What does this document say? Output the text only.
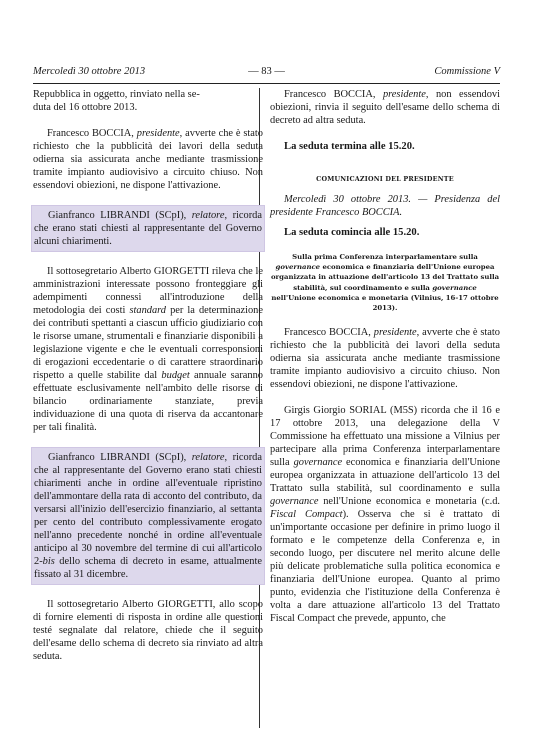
Mercoledì 30 ottobre 2013	— 83 —	Commissione V

Repubblica in oggetto, rinviato nella se-
duta del 16 ottobre 2013.

Francesco BOCCIA, presidente, avverte che è stato richiesto che la pubblicità dei lavori della seduta odierna sia assicurata anche mediante trasmissione tramite impianto audiovisivo a circuito chiuso. Non essendovi obiezioni, ne dispone l'attivazione.

Gianfranco LIBRANDI (SCpI), relatore, ricorda che erano stati chiesti al rappresentante del Governo alcuni chiarimenti.

Il sottosegretario Alberto GIORGETTI rileva che le amministrazioni interessate possono fronteggiare gli adempimenti connessi all'introduzione della metodologia dei costi standard per la determinazione dei contributi spettanti a ciascun ufficio giudiziario con le risorse umane, strumentali e finanziarie disponibili a legislazione vigente e che le eventuali corresponsioni di erogazioni eccedentarie o di carattere straordinario rispetto a quelle stabilite dal budget annuale saranno effettuate esclusivamente nell'ambito delle risorse di bilancio ordinariamente stanziate, previa individuazione di una quota di riserva da accantonare per tali finalità.

Gianfranco LIBRANDI (SCpI), relatore, ricorda che al rappresentante del Governo erano stati chiesti chiarimenti anche in ordine all'eventuale ripristino dell'ammontare della rata di acconto del contributo, da versarsi all'inizio dell'esercizio finanziario, al settanta per cento del contributo complessivamente erogato nell'anno precedente nonché in ordine all'eventuale anticipo al 30 novembre del termine di cui all'articolo 2-bis dello schema di decreto in esame, attualmente fissato al 31 dicembre.

Il sottosegretario Alberto GIORGETTI, allo scopo di fornire elementi di risposta in ordine alle questioni testé segnalate dal relatore, chiede che il seguito dell'esame dello schema di decreto sia rinviato ad altra seduta.

Francesco BOCCIA, presidente, non essendovi obiezioni, rinvia il seguito dell'esame dello schema di decreto ad altra seduta.

La seduta termina alle 15.20.

COMUNICAZIONI DEL PRESIDENTE

Mercoledì 30 ottobre 2013. — Presidenza del presidente Francesco BOCCIA.

La seduta comincia alle 15.20.

Sulla prima Conferenza interparlamentare sulla governance economica e finanziaria dell'Unione europea organizzata in attuazione dell'articolo 13 del Trattato sulla stabilità, sul coordinamento e sulla governance nell'Unione economica e monetaria (Vilnius, 16-17 ottobre 2013).

Francesco BOCCIA, presidente, avverte che è stato richiesto che la pubblicità dei lavori della seduta odierna sia assicurata anche mediante trasmissione tramite impianto audiovisivo a circuito chiuso. Non essendovi obiezioni, ne dispone l'attivazione.

Girgis Giorgio SORIAL (M5S) ricorda che il 16 e 17 ottobre 2013, una delegazione della V Commissione ha effettuato una missione a Vilnius per partecipare alla prima Conferenza interparlamentare sulla governance economica e finanziaria dell'Unione europea organizzata in attuazione dell'articolo 13 del Trattato sulla stabilità, sul coordinamento e sulla governance nell'Unione economica e monetaria (c.d. Fiscal Compact). Osserva che si è trattato di un'importante occasione per definire in primo luogo il formato e le competenze della Conferenza e, in secondo luogo, per discutere nel merito alcune delle più delicate problematiche sulla politica economica e finanziaria dell'Unione europea. Quanto al primo punto, evidenzia che l'istituzione della Conferenza è volta a dare attuazione all'articolo 13 del Trattato Fiscal Compact che prevede, appunto, che
